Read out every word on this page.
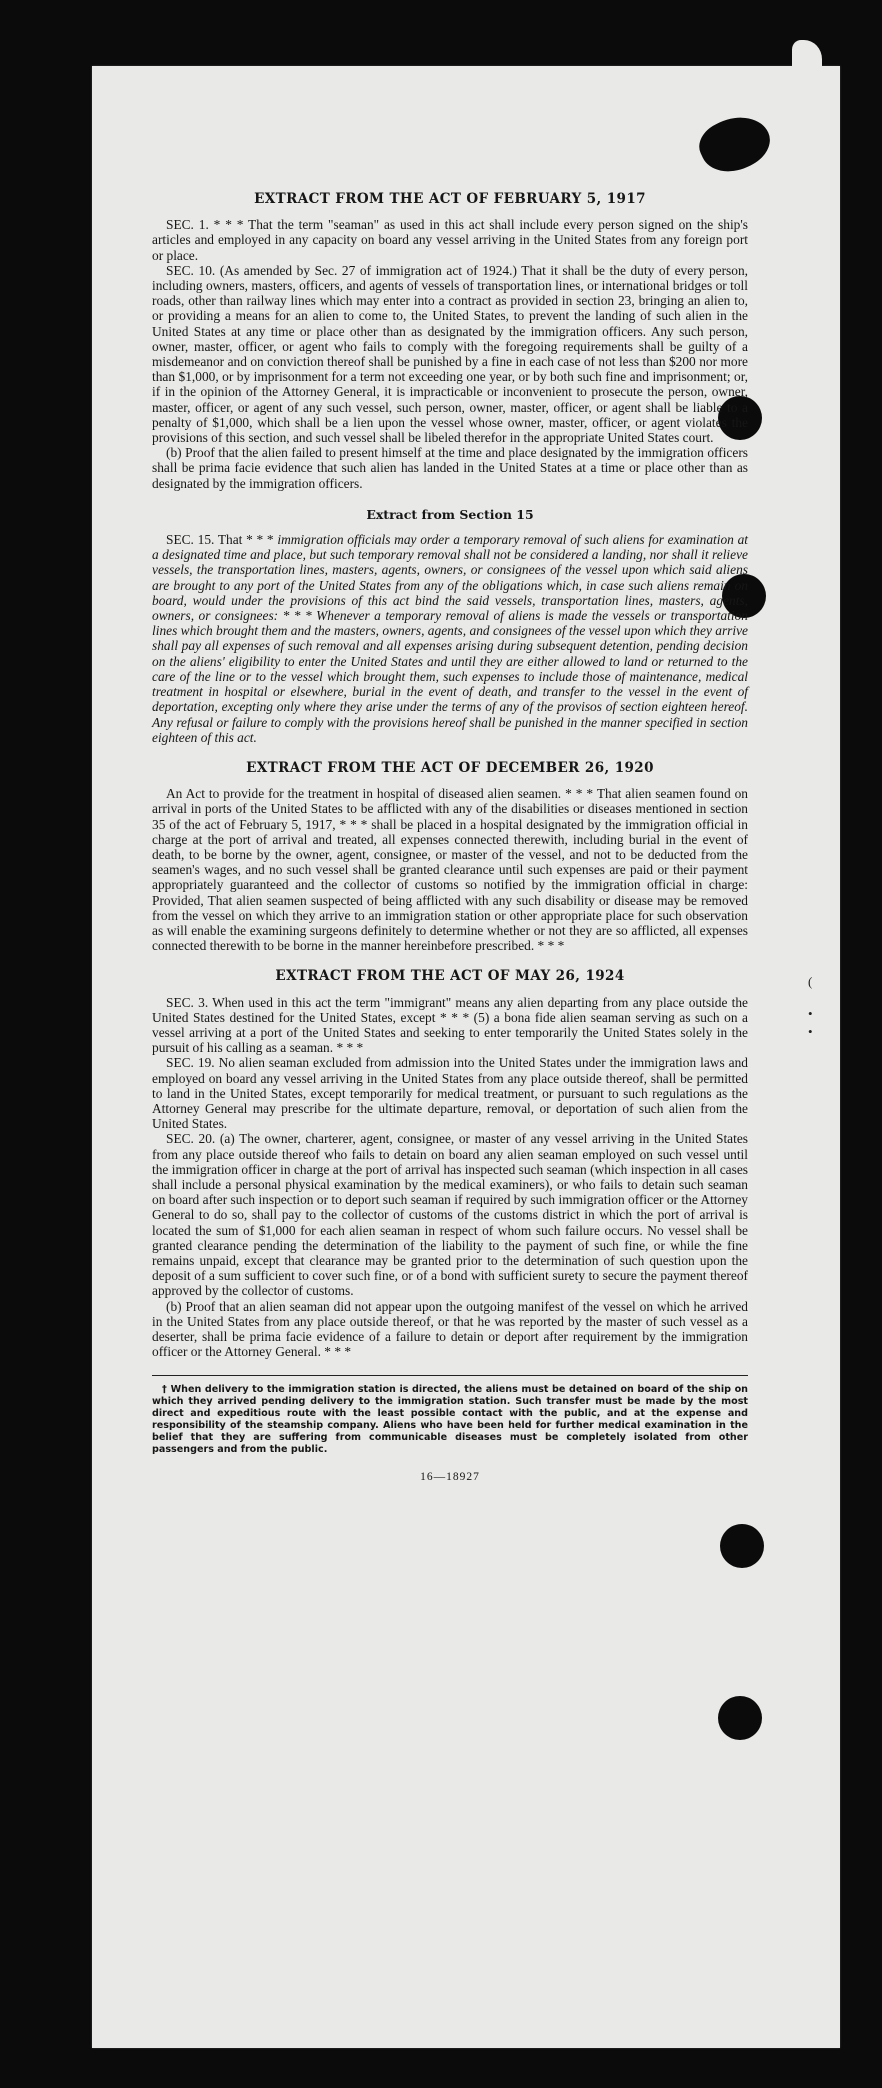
(
•
•
EXTRACT FROM THE ACT OF FEBRUARY 5, 1917

SEC. 1. * * * That the term "seaman" as used in this act shall include every person signed on the ship's articles and employed in any capacity on board any vessel arriving in the United States from any foreign port or place.

SEC. 10. (As amended by Sec. 27 of immigration act of 1924.) That it shall be the duty of every person, including owners, masters, officers, and agents of vessels of transportation lines, or international bridges or toll roads, other than railway lines which may enter into a contract as provided in section 23, bringing an alien to, or providing a means for an alien to come to, the United States, to prevent the landing of such alien in the United States at any time or place other than as designated by the immigration officers. Any such person, owner, master, officer, or agent who fails to comply with the foregoing requirements shall be guilty of a misdemeanor and on conviction thereof shall be punished by a fine in each case of not less than $200 nor more than $1,000, or by imprisonment for a term not exceeding one year, or by both such fine and imprisonment; or, if in the opinion of the Attorney General, it is impracticable or inconvenient to prosecute the person, owner, master, officer, or agent of any such vessel, such person, owner, master, officer, or agent shall be liable to a penalty of $1,000, which shall be a lien upon the vessel whose owner, master, officer, or agent violates the provisions of this section, and such vessel shall be libeled therefor in the appropriate United States court.

(b) Proof that the alien failed to present himself at the time and place designated by the immigration officers shall be prima facie evidence that such alien has landed in the United States at a time or place other than as designated by the immigration officers.

Extract from Section 15

SEC. 15. That * * * immigration officials may order a temporary removal of such aliens for examination at a designated time and place, but such temporary removal shall not be considered a landing, nor shall it relieve vessels, the transportation lines, masters, agents, owners, or consignees of the vessel upon which said aliens are brought to any port of the United States from any of the obligations which, in case such aliens remain on board, would under the provisions of this act bind the said vessels, transportation lines, masters, agents, owners, or consignees: * * * Whenever a temporary removal of aliens is made the vessels or transportation lines which brought them and the masters, owners, agents, and consignees of the vessel upon which they arrive shall pay all expenses of such removal and all expenses arising during subsequent detention, pending decision on the aliens' eligibility to enter the United States and until they are either allowed to land or returned to the care of the line or to the vessel which brought them, such expenses to include those of maintenance, medical treatment in hospital or elsewhere, burial in the event of death, and transfer to the vessel in the event of deportation, excepting only where they arise under the terms of any of the provisos of section eighteen hereof. Any refusal or failure to comply with the provisions hereof shall be punished in the manner specified in section eighteen of this act.

EXTRACT FROM THE ACT OF DECEMBER 26, 1920

An Act to provide for the treatment in hospital of diseased alien seamen. * * * That alien seamen found on arrival in ports of the United States to be afflicted with any of the disabilities or diseases mentioned in section 35 of the act of February 5, 1917, * * * shall be placed in a hospital designated by the immigration official in charge at the port of arrival and treated, all expenses connected therewith, including burial in the event of death, to be borne by the owner, agent, consignee, or master of the vessel, and not to be deducted from the seamen's wages, and no such vessel shall be granted clearance until such expenses are paid or their payment appropriately guaranteed and the collector of customs so notified by the immigration official in charge: Provided, That alien seamen suspected of being afflicted with any such disability or disease may be removed from the vessel on which they arrive to an immigration station or other appropriate place for such observation as will enable the examining surgeons definitely to determine whether or not they are so afflicted, all expenses connected therewith to be borne in the manner hereinbefore prescribed. * * *

EXTRACT FROM THE ACT OF MAY 26, 1924

SEC. 3. When used in this act the term "immigrant" means any alien departing from any place outside the United States destined for the United States, except * * * (5) a bona fide alien seaman serving as such on a vessel arriving at a port of the United States and seeking to enter temporarily the United States solely in the pursuit of his calling as a seaman. * * *

SEC. 19. No alien seaman excluded from admission into the United States under the immigration laws and employed on board any vessel arriving in the United States from any place outside thereof, shall be permitted to land in the United States, except temporarily for medical treatment, or pursuant to such regulations as the Attorney General may prescribe for the ultimate departure, removal, or deportation of such alien from the United States.

SEC. 20. (a) The owner, charterer, agent, consignee, or master of any vessel arriving in the United States from any place outside thereof who fails to detain on board any alien seaman employed on such vessel until the immigration officer in charge at the port of arrival has inspected such seaman (which inspection in all cases shall include a personal physical examination by the medical examiners), or who fails to detain such seaman on board after such inspection or to deport such seaman if required by such immigration officer or the Attorney General to do so, shall pay to the collector of customs of the customs district in which the port of arrival is located the sum of $1,000 for each alien seaman in respect of whom such failure occurs. No vessel shall be granted clearance pending the determination of the liability to the payment of such fine, or while the fine remains unpaid, except that clearance may be granted prior to the determination of such question upon the deposit of a sum sufficient to cover such fine, or of a bond with sufficient surety to secure the payment thereof approved by the collector of customs.

(b) Proof that an alien seaman did not appear upon the outgoing manifest of the vessel on which he arrived in the United States from any place outside thereof, or that he was reported by the master of such vessel as a deserter, shall be prima facie evidence of a failure to detain or deport after requirement by the immigration officer or the Attorney General. * * *

† When delivery to the immigration station is directed, the aliens must be detained on board of the ship on which they arrived pending delivery to the immigration station. Such transfer must be made by the most direct and expeditious route with the least possible contact with the public, and at the expense and responsibility of the steamship company. Aliens who have been held for further medical examination in the belief that they are suffering from communicable diseases must be completely isolated from other passengers and from the public.

16—18927
